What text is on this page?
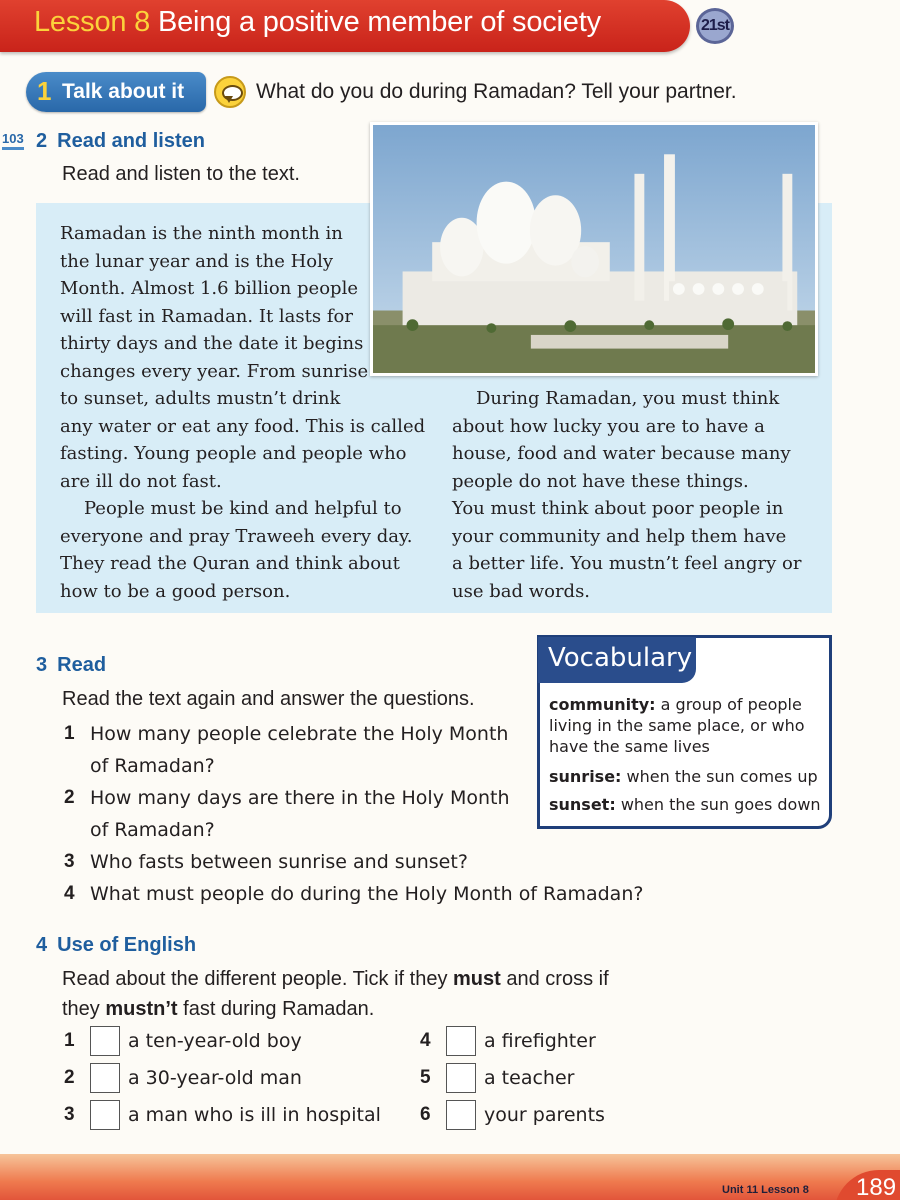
Lesson 8 Being a positive member of society	21st
1 Talk about it	What do you do during Ramadan? Tell your partner.
103 2 Read and listen
Read and listen to the text.

Ramadan is the ninth month in

the lunar year and is the Holy

Month. Almost 1.6 billion people

will fast in Ramadan. It lasts for

thirty days and the date it begins

changes every year. From sunrise

to sunset, adults mustn’t drink

any water or eat any food. This is called

fasting. Young people and people who

are ill do not fast.

People must be kind and helpful to

everyone and pray Traweeh every day.

They read the Quran and think about

how to be a good person.

During Ramadan, you must think

about how lucky you are to have a

house, food and water because many

people do not have these things.

You must think about poor people in

your community and help them have

a better life. You mustn’t feel angry or

use bad words.

3 Read
Read the text again and answer the questions.
1 How many people celebrate the Holy Month
of Ramadan?
2 How many days are there in the Holy Month
of Ramadan?
3 Who fasts between sunrise and sunset?
4 What must people do during the Holy Month of Ramadan?
Vocabulary
community: a group of people
living in the same place, or who
have the same lives
sunrise: when the sun comes up
sunset: when the sun goes down
4 Use of English
Read about the different people. Tick if they must and cross if
they mustn’t fast during Ramadan.
1	a ten-year-old boy
2	a 30-year-old man
3	a man who is ill in hospital
4	a firefighter
5	a teacher
6	your parents
Unit 11 Lesson 8	189
